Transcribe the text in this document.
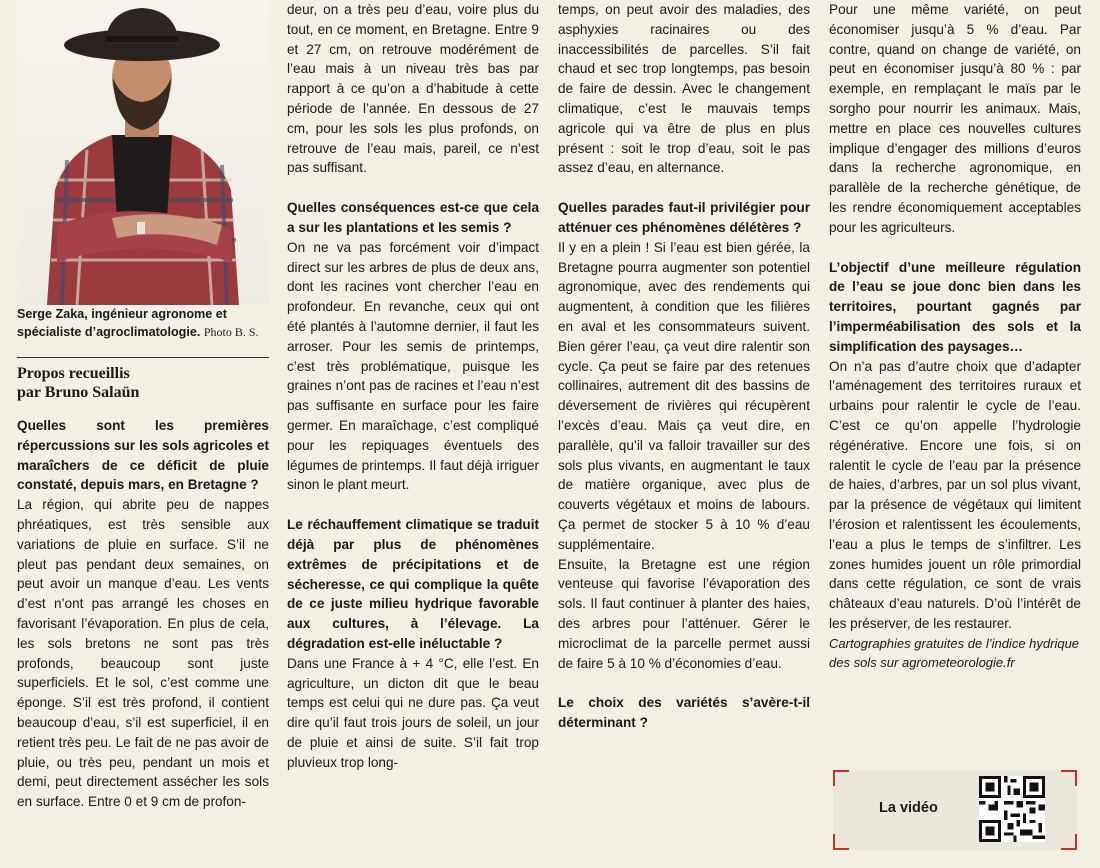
Serge Zaka, ingénieur agronome et spécialiste d’agroclimatologie. Photo B. S.

Propos recueillis
par Bruno Salaün

Quelles sont les premières répercussions sur les sols agricoles et maraîchers de ce déficit de pluie constaté, depuis mars, en Bretagne ?

La région, qui abrite peu de nappes phréatiques, est très sensible aux variations de pluie en surface. S’il ne pleut pas pendant deux semaines, on peut avoir un manque d’eau. Les vents d’est n’ont pas arrangé les choses en favorisant l’évaporation. En plus de cela, les sols bretons ne sont pas très profonds, beaucoup sont juste superficiels. Et le sol, c’est comme une éponge. S’il est très profond, il contient beaucoup d’eau, s’il est superficiel, il en retient très peu. Le fait de ne pas avoir de pluie, ou très peu, pendant un mois et demi, peut directement assécher les sols en surface. Entre 0 et 9 cm de profon-

deur, on a très peu d’eau, voire plus du tout, en ce moment, en Bretagne. Entre 9 et 27 cm, on retrouve modérément de l’eau mais à un niveau très bas par rapport à ce qu’on a d’habitude à cette période de l’année. En dessous de 27 cm, pour les sols les plus profonds, on retrouve de l’eau mais, pareil, ce n’est pas suffisant.

Quelles conséquences est-ce que cela a sur les plantations et les semis ?

On ne va pas forcément voir d’impact direct sur les arbres de plus de deux ans, dont les racines vont chercher l’eau en profondeur. En revanche, ceux qui ont été plantés à l’automne dernier, il faut les arroser. Pour les semis de printemps, c’est très problématique, puisque les graines n’ont pas de racines et l’eau n’est pas suffisante en surface pour les faire germer. En maraîchage, c’est compliqué pour les repiquages éventuels des légumes de printemps. Il faut déjà irriguer sinon le plant meurt.

Le réchauffement climatique se traduit déjà par plus de phénomènes extrêmes de précipitations et de sécheresse, ce qui complique la quête de ce juste milieu hydrique favorable aux cultures, à l’élevage. La dégradation est-elle inéluctable ?

Dans une France à + 4 °C, elle l’est. En agriculture, un dicton dit que le beau temps est celui qui ne dure pas. Ça veut dire qu’il faut trois jours de soleil, un jour de pluie et ainsi de suite. S’il fait trop pluvieux trop long-

temps, on peut avoir des maladies, des asphyxies racinaires ou des inaccessibilités de parcelles. S’il fait chaud et sec trop longtemps, pas besoin de faire de dessin. Avec le changement climatique, c’est le mauvais temps agricole qui va être de plus en plus présent : soit le trop d’eau, soit le pas assez d’eau, en alternance.

Quelles parades faut-il privilégier pour atténuer ces phénomènes délétères ?

Il y en a plein ! Si l’eau est bien gérée, la Bretagne pourra augmenter son potentiel agronomique, avec des rendements qui augmentent, à condition que les filières en aval et les consommateurs suivent. Bien gérer l’eau, ça veut dire ralentir son cycle. Ça peut se faire par des retenues collinaires, autrement dit des bassins de déversement de rivières qui récupèrent l’excès d’eau. Mais ça veut dire, en parallèle, qu’il va falloir travailler sur des sols plus vivants, en augmentant le taux de matière organique, avec plus de couverts végétaux et moins de labours. Ça permet de stocker 5 à 10 % d’eau supplémentaire.

Ensuite, la Bretagne est une région venteuse qui favorise l’évaporation des sols. Il faut continuer à planter des haies, des arbres pour l’atténuer. Gérer le microclimat de la parcelle permet aussi de faire 5 à 10 % d’économies d’eau.

Le choix des variétés s’avère-t-il déterminant ?

Pour une même variété, on peut économiser jusqu’à 5 % d’eau. Par contre, quand on change de variété, on peut en économiser jusqu’à 80 % : par exemple, en remplaçant le maïs par le sorgho pour nourrir les animaux. Mais, mettre en place ces nouvelles cultures implique d’engager des millions d’euros dans la recherche agronomique, en parallèle de la recherche génétique, de les rendre économiquement acceptables pour les agriculteurs.

L’objectif d’une meilleure régulation de l’eau se joue donc bien dans les territoires, pourtant gagnés par l’imperméabilisation des sols et la simplification des paysages…

On n’a pas d’autre choix que d’adapter l’aménagement des territoires ruraux et urbains pour ralentir le cycle de l’eau. C’est ce qu’on appelle l’hydrologie régénérative. Encore une fois, si on ralentit le cycle de l’eau par la présence de haies, d’arbres, par un sol plus vivant, par la présence de végétaux qui limitent l’érosion et ralentissent les écoulements, l’eau a plus le temps de s’infiltrer. Les zones humides jouent un rôle primordial dans cette régulation, ce sont de vrais châteaux d’eau naturels. D’où l’intérêt de les préserver, de les restaurer.

Cartographies gratuites de l’indice hydrique des sols sur agrometeorologie.fr

La vidéo
